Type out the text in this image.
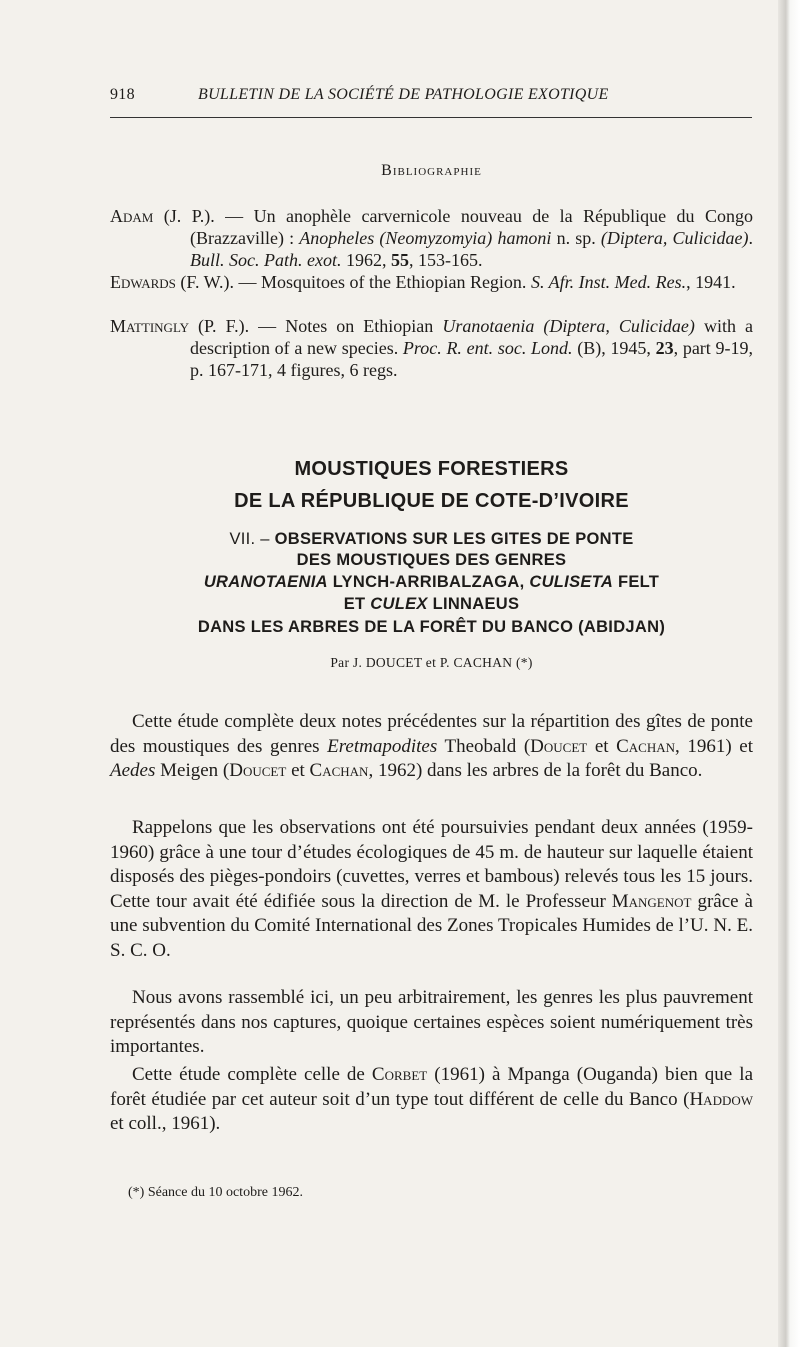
918	BULLETIN DE LA SOCIÉTÉ DE PATHOLOGIE EXOTIQUE
Bibliographie
Adam (J. P.). — Un anophèle carvernicole nouveau de la République du Congo (Brazzaville) : Anopheles (Neomyzomyia) hamoni n. sp. (Diptera, Culicidae). Bull. Soc. Path. exot. 1962, 55, 153-165.
Edwards (F. W.). — Mosquitoes of the Ethiopian Region. S. Afr. Inst. Med. Res., 1941.
Mattingly (P. F.). — Notes on Ethiopian Uranotaenia (Diptera, Culicidae) with a description of a new species. Proc. R. ent. soc. Lond. (B), 1945, 23, part 9-19, p. 167-171, 4 figures, 6 regs.
MOUSTIQUES FORESTIERS
DE LA RÉPUBLIQUE DE COTE-D’IVOIRE
VII. – OBSERVATIONS SUR LES GITES DE PONTE
DES MOUSTIQUES DES GENRES
URANOTAENIA LYNCH-ARRIBALZAGA, CULISETA FELT
ET CULEX LINNAEUS
DANS LES ARBRES DE LA FORÊT DU BANCO (ABIDJAN)
Par J. DOUCET et P. CACHAN (*)
Cette étude complète deux notes précédentes sur la répartition des gîtes de ponte des moustiques des genres Eretmapodites Theobald (Doucet et Cachan, 1961) et Aedes Meigen (Doucet et Cachan, 1962) dans les arbres de la forêt du Banco.
Rappelons que les observations ont été poursuivies pendant deux années (1959-1960) grâce à une tour d’études écologiques de 45 m. de hauteur sur laquelle étaient disposés des pièges-pondoirs (cuvettes, verres et bambous) relevés tous les 15 jours. Cette tour avait été édifiée sous la direction de M. le Professeur Mangenot grâce à une subvention du Comité International des Zones Tropicales Humides de l’U. N. E. S. C. O.
Nous avons rassemblé ici, un peu arbitrairement, les genres les plus pauvrement représentés dans nos captures, quoique certaines espèces soient numériquement très importantes.
Cette étude complète celle de Corbet (1961) à Mpanga (Ouganda) bien que la forêt étudiée par cet auteur soit d’un type tout différent de celle du Banco (Haddow et coll., 1961).
(*) Séance du 10 octobre 1962.
